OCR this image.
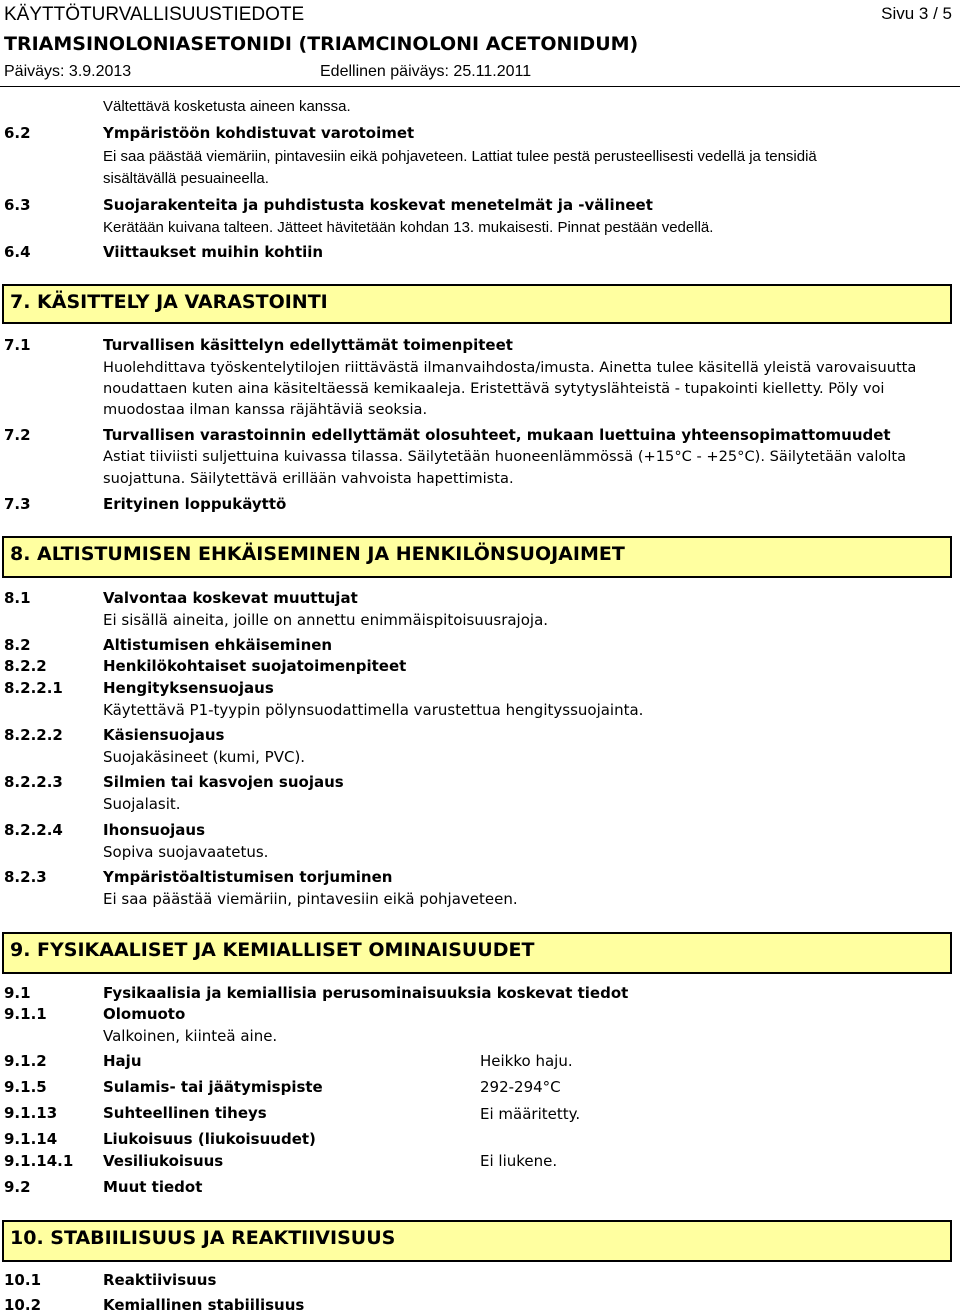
KÄYTTÖTURVALLISUUSTIEDOTE	Sivu 3 / 5
TRIAMSINOLONIASETONIDI (TRIAMCINOLONI ACETONIDUM)
Päiväys: 3.9.2013	Edellinen päiväys: 25.11.2011
Vältettävä kosketusta aineen kanssa.
6.2	Ympäristöön kohdistuvat varotoimet
Ei saa päästää viemäriin, pintavesiin eikä pohjaveteen. Lattiat tulee pestä perusteellisesti vedellä ja tensidiä
sisältävällä pesuaineella.
6.3	Suojarakenteita ja puhdistusta koskevat menetelmät ja -välineet
Kerätään kuivana talteen. Jätteet hävitetään kohdan 13. mukaisesti. Pinnat pestään vedellä.
6.4	Viittaukset muihin kohtiin
7. KÄSITTELY JA VARASTOINTI
7.1	Turvallisen käsittelyn edellyttämät toimenpiteet
Huolehdittava työskentelytilojen riittävästä ilmanvaihdosta/imusta. Ainetta tulee käsitellä yleistä varovaisuutta
noudattaen kuten aina käsiteltäessä kemikaaleja. Eristettävä sytytyslähteistä - tupakointi kielletty. Pöly voi
muodostaa ilman kanssa räjähtäviä seoksia.
7.2	Turvallisen varastoinnin edellyttämät olosuhteet, mukaan luettuina yhteensopimattomuudet
Astiat tiiviisti suljettuina kuivassa tilassa. Säilytetään huoneenlämmössä (+15°C - +25°C). Säilytetään valolta
suojattuna. Säilytettävä erillään vahvoista hapettimista.
7.3	Erityinen loppukäyttö
8. ALTISTUMISEN EHKÄISEMINEN JA HENKILÖNSUOJAIMET
8.1	Valvontaa koskevat muuttujat
Ei sisällä aineita, joille on annettu enimmäispitoisuusrajoja.
8.2	Altistumisen ehkäiseminen
8.2.2	Henkilökohtaiset suojatoimenpiteet
8.2.2.1	Hengityksensuojaus
Käytettävä P1-tyypin pölynsuodattimella varustettua hengityssuojainta.
8.2.2.2	Käsiensuojaus
Suojakäsineet (kumi, PVC).
8.2.2.3	Silmien tai kasvojen suojaus
Suojalasit.
8.2.2.4	Ihonsuojaus
Sopiva suojavaatetus.
8.2.3	Ympäristöaltistumisen torjuminen
Ei saa päästää viemäriin, pintavesiin eikä pohjaveteen.
9. FYSIKAALISET JA KEMIALLISET OMINAISUUDET
9.1	Fysikaalisia ja kemiallisia perusominaisuuksia koskevat tiedot
9.1.1	Olomuoto
Valkoinen, kiinteä aine.
9.1.2	Haju	Heikko haju.
9.1.5	Sulamis- tai jäätymispiste	292-294°C
9.1.13	Suhteellinen tiheys	Ei määritetty.
9.1.14	Liukoisuus (liukoisuudet)
9.1.14.1 Vesiliukoisuus	Ei liukene.
9.2	Muut tiedot
10. STABIILISUUS JA REAKTIIVISUUS
10.1	Reaktiivisuus
10.2	Kemiallinen stabiilisuus
